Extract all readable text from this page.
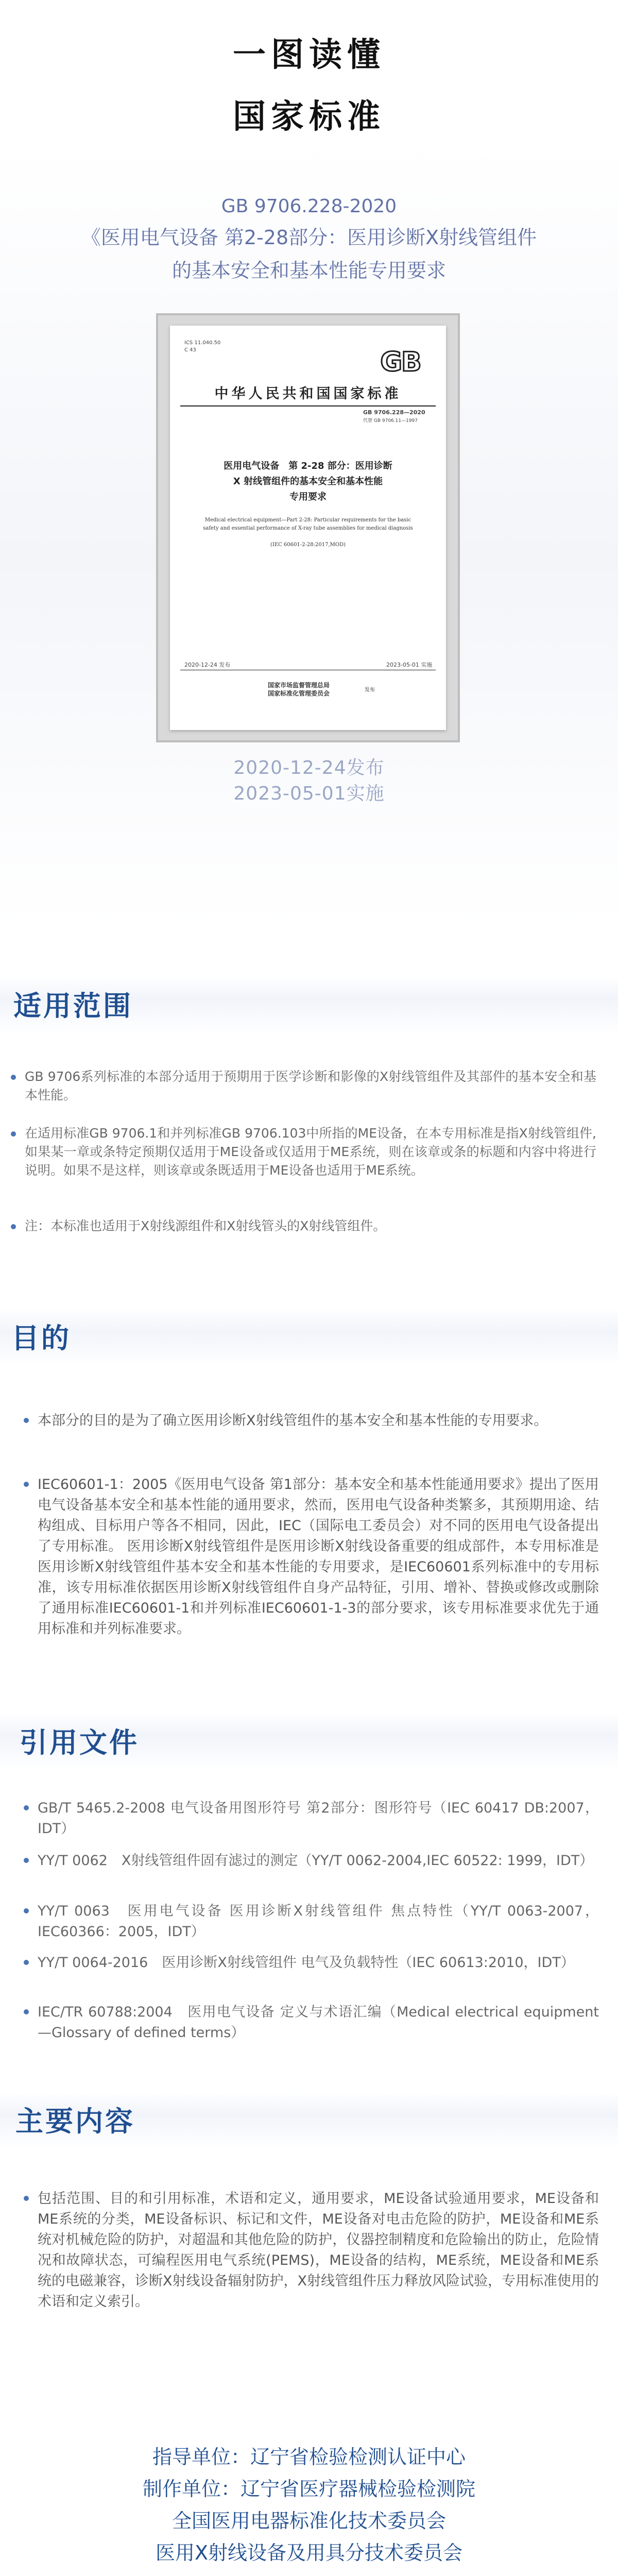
一图读懂
国家标准
GB 9706.228-2020
《医用电气设备 第2-28部分：医用诊断X射线管组件
的基本安全和基本性能专用要求
ICS 11.040.50
C 43	GB
中华人民共和国国家标准
GB 9706.228—2020
代替 GB 9706.11—1997
医用电气设备　第 2-28 部分：医用诊断
X 射线管组件的基本安全和基本性能
专用要求
Medical electrical equipment—Part 2-28: Particular requirements for the basic
safety and essential performance of X-ray tube assemblies for medical diagnosis
(IEC 60601-2-28:2017,MOD)
2020-12-24 发布	2023-05-01 实施
国家市场监督管理总局
国家标准化管理委员会	发布
2020-12-24发布
2023-05-01实施
适用范围
GB 9706系列标准的本部分适用于预期用于医学诊断和影像的X射线管组件及其部件的基本安全和基本性能。
在适用标准GB 9706.1和并列标准GB 9706.103中所指的ME设备，在本专用标准是指X射线管组件,如果某一章或条特定预期仅适用于ME设备或仅适用于ME系统，则在该章或条的标题和内容中将进行说明。如果不是这样，则该章或条既适用于ME设备也适用于ME系统。
注：本标准也适用于X射线源组件和X射线管头的X射线管组件。
目的
本部分的目的是为了确立医用诊断X射线管组件的基本安全和基本性能的专用要求。
IEC60601-1：2005《医用电气设备 第1部分：基本安全和基本性能通用要求》提出了医用电气设备基本安全和基本性能的通用要求，然而，医用电气设备种类繁多，其预期用途、结构组成、目标用户等各不相同，因此，IEC（国际电工委员会）对不同的医用电气设备提出了专用标准。 医用诊断X射线管组件是医用诊断X射线设备重要的组成部件，本专用标准是医用诊断X射线管组件基本安全和基本性能的专用要求，是IEC60601系列标准中的专用标准，该专用标准依据医用诊断X射线管组件自身产品特征，引用、增补、替换或修改或删除了通用标准IEC60601-1和并列标准IEC60601-1-3的部分要求，该专用标准要求优先于通用标准和并列标准要求。
引用文件
GB/T 5465.2-2008 电气设备用图形符号 第2部分：图形符号（IEC 60417 DB:2007，IDT）
YY/T 0062　X射线管组件固有滤过的测定（YY/T 0062-2004,IEC 60522: 1999，IDT）
YY/T 0063　医用电气设备 医用诊断X射线管组件 焦点特性（YY/T 0063-2007，IEC60366：2005，IDT）
YY/T 0064-2016　医用诊断X射线管组件 电气及负载特性（IEC 60613:2010，IDT）
IEC/TR 60788:2004　医用电气设备 定义与术语汇编（Medical electrical equipment—Glossary of defined terms）
主要内容
包括范围、目的和引用标准，术语和定义，通用要求，ME设备试验通用要求，ME设备和ME系统的分类，ME设备标识、标记和文件，ME设备对电击危险的防护，ME设备和ME系统对机械危险的防护，对超温和其他危险的防护，仪器控制精度和危险输出的防止，危险情况和故障状态，可编程医用电气系统(PEMS)，ME设备的结构，ME系统，ME设备和ME系统的电磁兼容，诊断X射线设备辐射防护，X射线管组件压力释放风险试验，专用标准使用的术语和定义索引。
指导单位：辽宁省检验检测认证中心
制作单位：辽宁省医疗器械检验检测院
全国医用电器标准化技术委员会
医用X射线设备及用具分技术委员会
